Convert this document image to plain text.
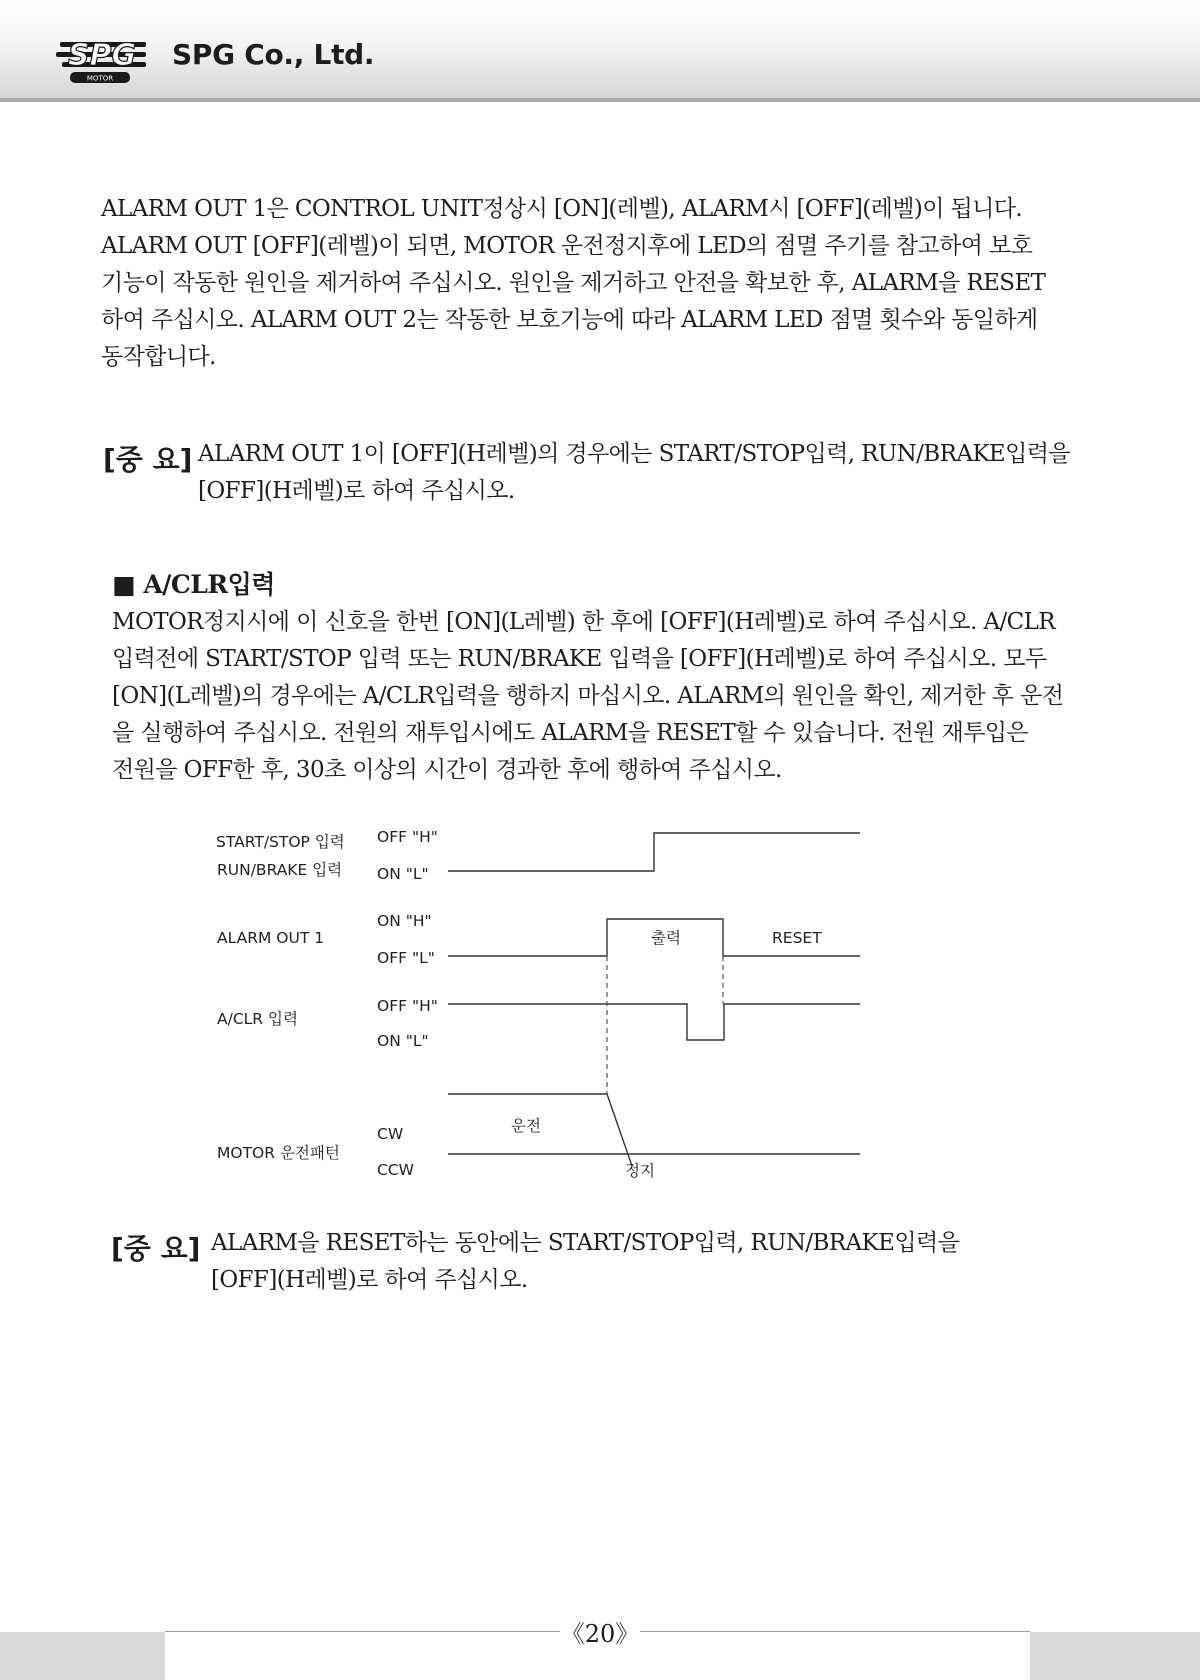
SPG
MOTOR
SPG Co., Ltd.

ALARM OUT 1은 CONTROL UNIT정상시 [ON](레벨), ALARM시 [OFF](레벨)이 됩니다.

ALARM OUT [OFF](레벨)이 되면, MOTOR 운전정지후에 LED의 점멸 주기를 참고하여 보호

기능이 작동한 원인을 제거하여 주십시오. 원인을 제거하고 안전을 확보한 후, ALARM을 RESET

하여 주십시오. ALARM OUT 2는 작동한 보호기능에 따라 ALARM LED 점멸 횟수와 동일하게

동작합니다.

[중 요] ALARM OUT 1이 [OFF](H레벨)의 경우에는 START/STOP입력, RUN/BRAKE입력을

[OFF](H레벨)로 하여 주십시오.

■ A/CLR입력

MOTOR정지시에 이 신호을 한번 [ON](L레벨) 한 후에 [OFF](H레벨)로 하여 주십시오. A/CLR

입력전에 START/STOP 입력 또는 RUN/BRAKE 입력을 [OFF](H레벨)로 하여 주십시오. 모두

[ON](L레벨)의 경우에는 A/CLR입력을 행하지 마십시오. ALARM의 원인을 확인, 제거한 후 운전

을 실행하여 주십시오. 전원의 재투입시에도 ALARM을 RESET할 수 있습니다. 전원 재투입은

전원을 OFF한 후, 30초 이상의 시간이 경과한 후에 행하여 주십시오.

START/STOP 입력
RUN/BRAKE 입력
OFF "H"
ON "L"
ALARM OUT 1
ON "H"
OFF "L"
출력	RESET
A/CLR 입력
OFF "H"
ON "L"
MOTOR 운전패턴
CW
CCW
운전
정지
[중 요] ALARM을 RESET하는 동안에는 START/STOP입력, RUN/BRAKE입력을

[OFF](H레벨)로 하여 주십시오.

《20》
